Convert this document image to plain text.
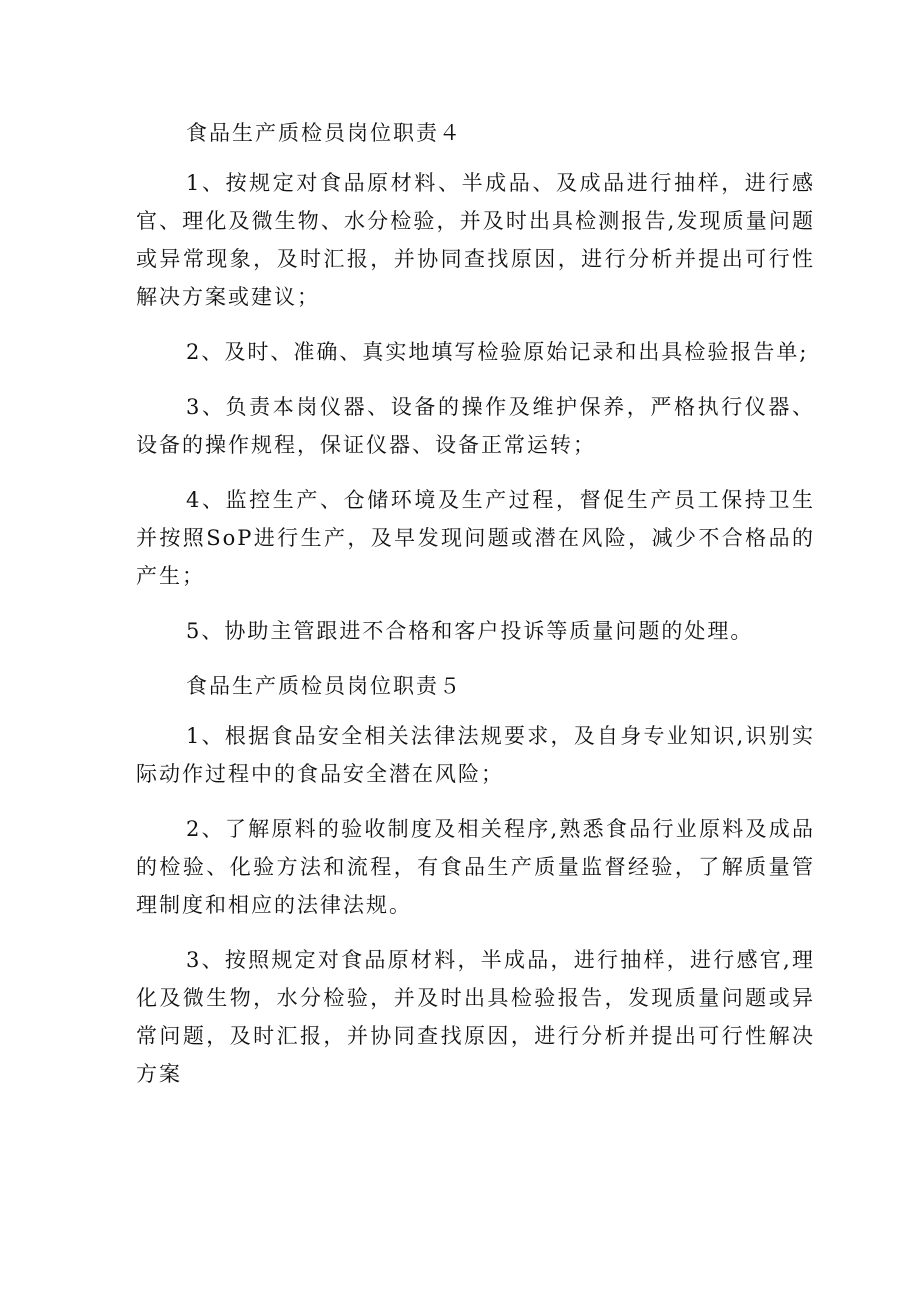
食品生产质检员岗位职责４

1、按规定对食品原材料、半成品、及成品进行抽样，进行感官、理化及微生物、水分检验，并及时出具检测报告,发现质量问题或异常现象，及时汇报，并协同查找原因，进行分析并提出可行性解决方案或建议；

2、及时、准确、真实地填写检验原始记录和出具检验报告单;

3、负责本岗仪器、设备的操作及维护保养，严格执行仪器、设备的操作规程，保证仪器、设备正常运转；

4、监控生产、仓储环境及生产过程，督促生产员工保持卫生并按照SoP进行生产，及早发现问题或潜在风险，减少不合格品的产生；

5、协助主管跟进不合格和客户投诉等质量问题的处理。

食品生产质检员岗位职责５

1、根据食品安全相关法律法规要求，及自身专业知识,识别实际动作过程中的食品安全潜在风险；

2、了解原料的验收制度及相关程序,熟悉食品行业原料及成品的检验、化验方法和流程，有食品生产质量监督经验，了解质量管理制度和相应的法律法规。

3、按照规定对食品原材料，半成品，进行抽样，进行感官,理化及微生物，水分检验，并及时出具检验报告，发现质量问题或异常问题，及时汇报，并协同查找原因，进行分析并提出可行性解决方案
